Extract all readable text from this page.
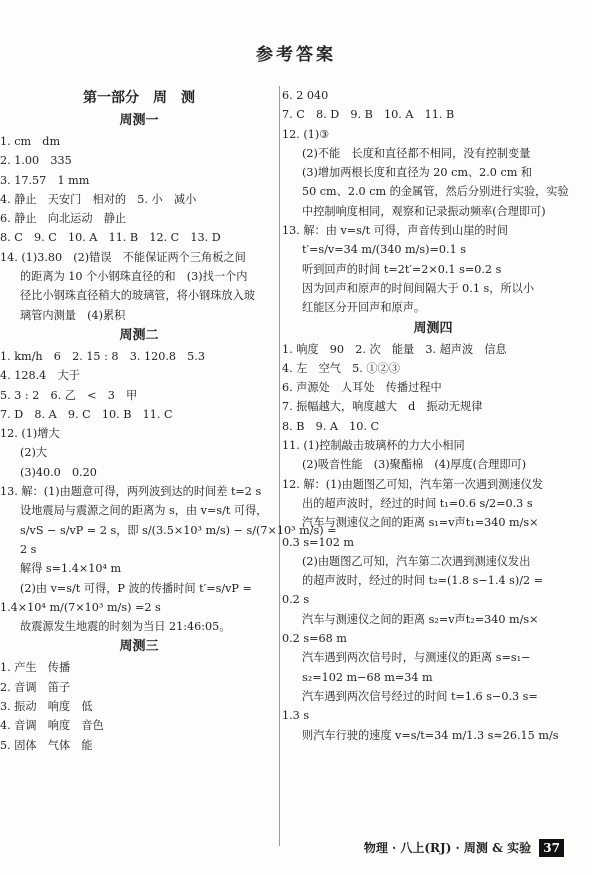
参考答案
第一部分　周　测
周测一
1. cm　dm
2. 1.00　335
3. 17.57　1 mm
4. 静止　天安门　相对的　5. 小　减小
6. 静止　向北运动　静止
8. C　9. C　10. A　11. B　12. C　13. D
14. (1)3.80　(2)错误　不能保证两个三角板之间
的距离为 10 个小钢珠直径的和　(3)找一个内
径比小钢珠直径稍大的玻璃管，将小钢珠放入玻
璃管内测量　(4)累积
周测二
1. km/h　6　2. 15 : 8　3. 120.8　5.3
4. 128.4　大于
5. 3 : 2　6. 乙　<　3　甲
7. D　8. A　9. C　10. B　11. C
12. (1)增大
(2)大
(3)40.0　0.20
13. 解：(1)由题意可得，两列波到达的时间差 t=2 s
设地震局与震源之间的距离为 s，由 v=s/t 可得，
s/vS − s/vP = 2 s，即 s/(3.5×10³ m/s) − s/(7×10³ m/s) =
2 s
解得 s=1.4×10⁴ m
(2)由 v=s/t 可得，P 波的传播时间 t′=s/vP =
1.4×10⁴ m/(7×10³ m/s) =2 s
故震源发生地震的时刻为当日 21:46:05。
周测三
1. 产生　传播
2. 音调　笛子
3. 振动　响度　低
4. 音调　响度　音色
5. 固体　气体　能
6. 2 040
7. C　8. D　9. B　10. A　11. B
12. (1)③
(2)不能　长度和直径都不相同，没有控制变量
(3)增加两根长度和直径为 20 cm、2.0 cm 和
50 cm、2.0 cm 的金属管，然后分别进行实验，实验
中控制响度相同，观察和记录振动频率(合理即可)
13. 解：由 v=s/t 可得，声音传到山崖的时间
t′=s/v=34 m/(340 m/s)=0.1 s
听到回声的时间 t=2t′=2×0.1 s=0.2 s
因为回声和原声的时间间隔大于 0.1 s，所以小
红能区分开回声和原声。
周测四
1. 响度　90　2. 次　能量　3. 超声波　信息
4. 左　空气　5. ①②③
6. 声源处　人耳处　传播过程中
7. 振幅越大，响度越大　d　振动无规律
8. B　9. A　10. C
11. (1)控制敲击玻璃杯的力大小相同
(2)吸音性能　(3)聚酯棉　(4)厚度(合理即可)
12. 解：(1)由题图乙可知，汽车第一次遇到测速仪发
出的超声波时，经过的时间 t₁=0.6 s/2=0.3 s
汽车与测速仪之间的距离 s₁=v声t₁=340 m/s×
0.3 s=102 m
(2)由题图乙可知，汽车第二次遇到测速仪发出
的超声波时，经过的时间 t₂=(1.8 s−1.4 s)/2 =
0.2 s
汽车与测速仪之间的距离 s₂=v声t₂=340 m/s×
0.2 s=68 m
汽车遇到两次信号时，与测速仪的距离 s=s₁−
s₂=102 m−68 m=34 m
汽车遇到两次信号经过的时间 t=1.6 s−0.3 s=
1.3 s
则汽车行驶的速度 v=s/t=34 m/1.3 s≈26.15 m/s
物理 · 八上(RJ) · 周测 & 实验 37
